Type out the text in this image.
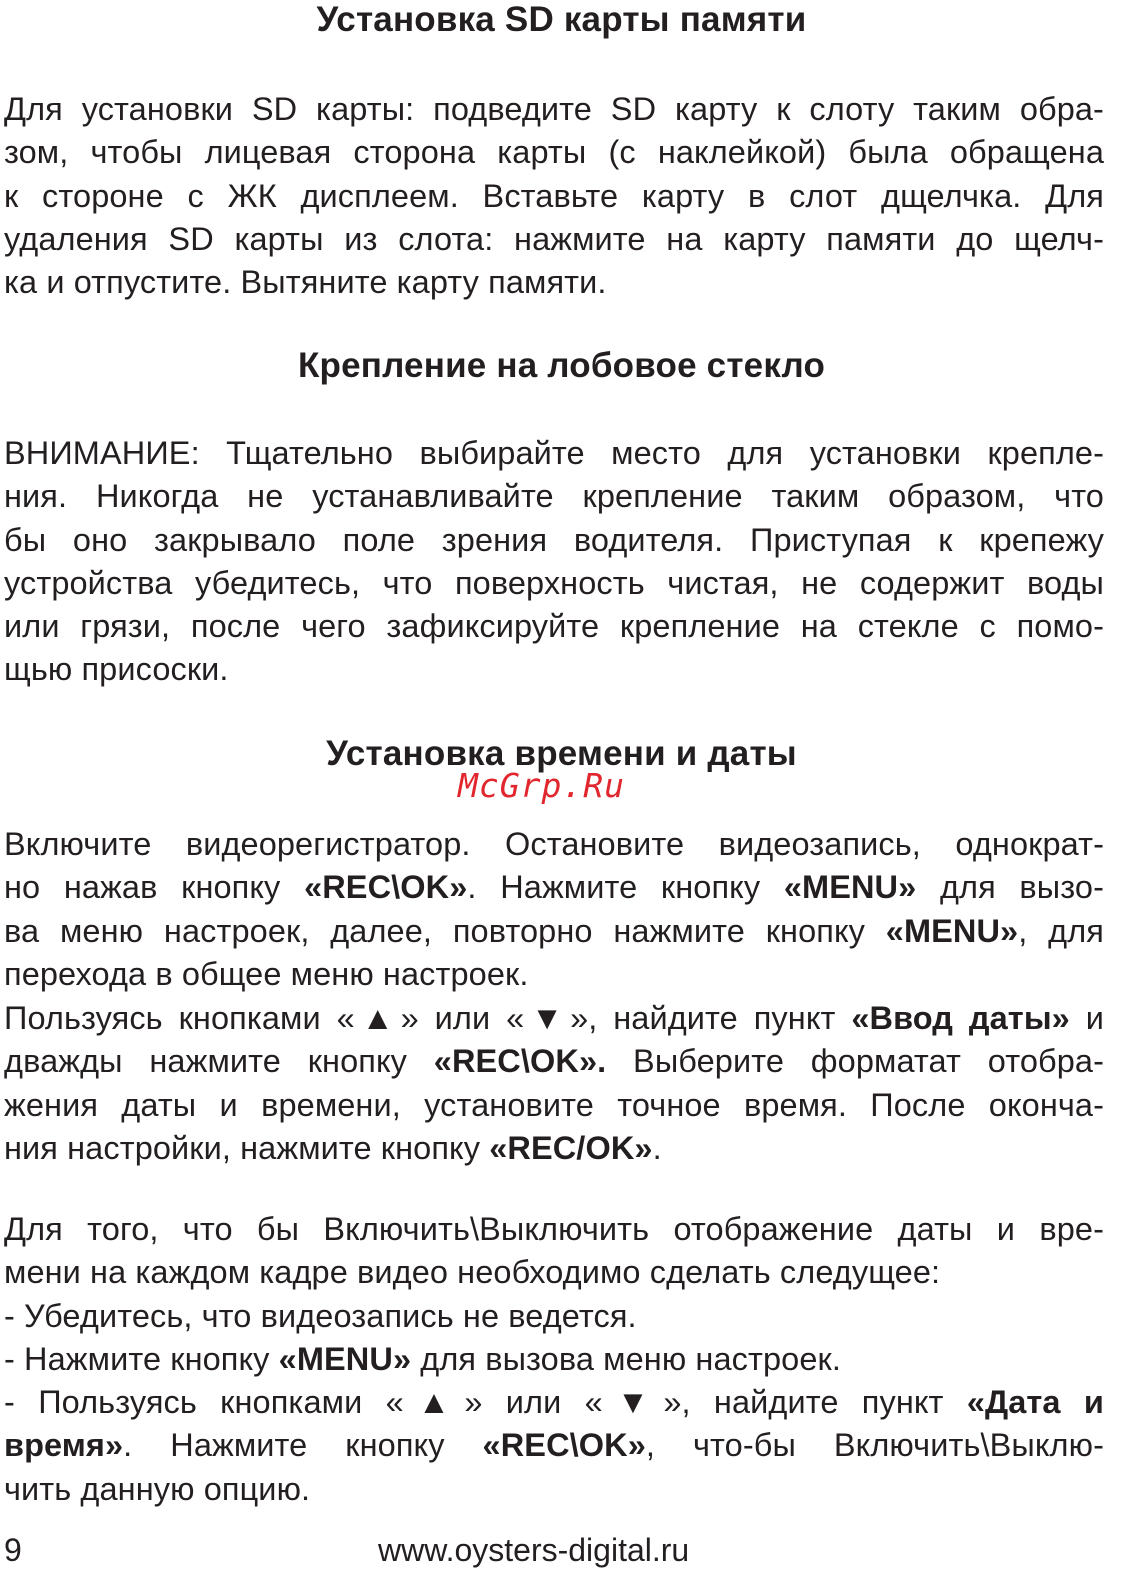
Установка SD карты памяти
Для установки SD карты: подведите SD карту к слоту таким обра-
зом, чтобы лицевая сторона карты (с наклейкой) была обращена
к стороне с ЖК дисплеем. Вставьте карту в слот дщелчка. Для
удаления SD карты из слота: нажмите на карту памяти до щелч-
ка и отпустите. Вытяните карту памяти.
Крепление на лобовое стекло
ВНИМАНИЕ: Тщательно выбирайте место для установки крепле-
ния. Никогда не устанавливайте крепление таким образом, что
бы оно закрывало поле зрения водителя. Приступая к крепежу
устройства убедитесь, что поверхность чистая, не содержит воды
или грязи, после чего зафиксируйте крепление на стекле с помо-
щью присоски.
Установка времени и даты
McGrp.Ru
Включите видеорегистратор. Остановите видеозапись, однократ-
но нажав кнопку «REC\OK». Нажмите кнопку «MENU» для вызо-
ва меню настроек, далее, повторно нажмите кнопку «MENU», для
перехода в общее меню настроек.
Пользуясь кнопками «▲» или «▼», найдите пункт «Ввод даты» и
дважды нажмите кнопку «REC\OK». Выберите форматат отобра-
жения даты и времени, установите точное время. После оконча-
ния настройки, нажмите кнопку «REC/OK».
Для того, что бы Включить\Выключить отображение даты и вре-
мени на каждом кадре видео необходимо сделать следущее:
- Убедитесь, что видеозапись не ведется.
- Нажмите кнопку «MENU» для вызова меню настроек.
- Пользуясь кнопками «▲» или «▼», найдите пункт «Дата и
время». Нажмите кнопку «REC\OK», что-бы Включить\Выклю-
чить данную опцию.
9	www.oysters-digital.ru
